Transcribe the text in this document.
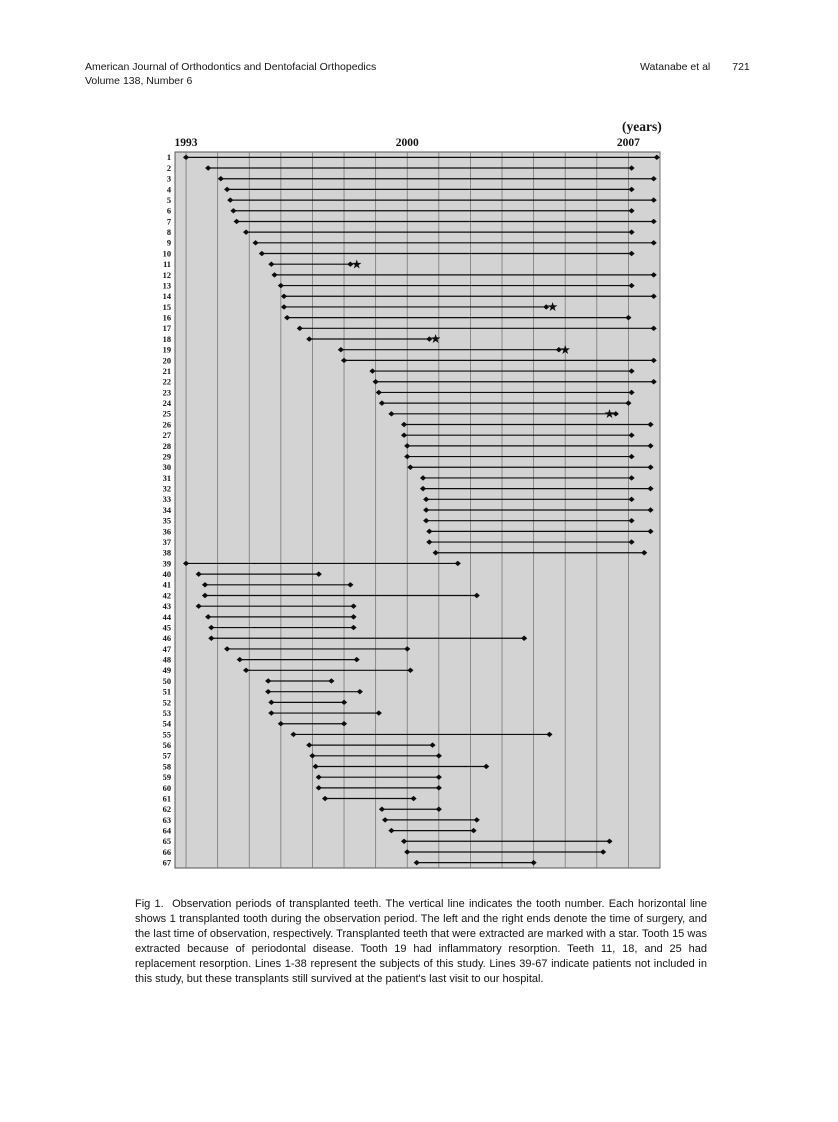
American Journal of Orthodontics and Dentofacial Orthopedics
Volume 138, Number 6
Watanabe et al 721
(years)
1993	2000	2007
1
2
3
4
5
6
7
8
9
10
11	★
12
13
14
15	★
16
17
18	★
19	★
20
21
22
23
24
25	★
26
27
28
29
30
31
32
33
34
35
36
37
38
39
40
41
42
43
44
45
46
47
48
49
50
51
52
53
54
55
56
57
58
59
60
61
62
63
64
65
66
67

Fig 1. Observation periods of transplanted teeth. The vertical line indicates the tooth number. Each horizontal line shows 1 transplanted tooth during the observation period. The left and the right ends denote the time of surgery, and the last time of observation, respectively. Transplanted teeth that were extracted are marked with a star. Tooth 15 was extracted because of periodontal disease. Tooth 19 had inflammatory resorption. Teeth 11, 18, and 25 had replacement resorption. Lines 1-38 represent the subjects of this study. Lines 39-67 indicate patients not included in this study, but these transplants still survived at the patient's last visit to our hospital.
